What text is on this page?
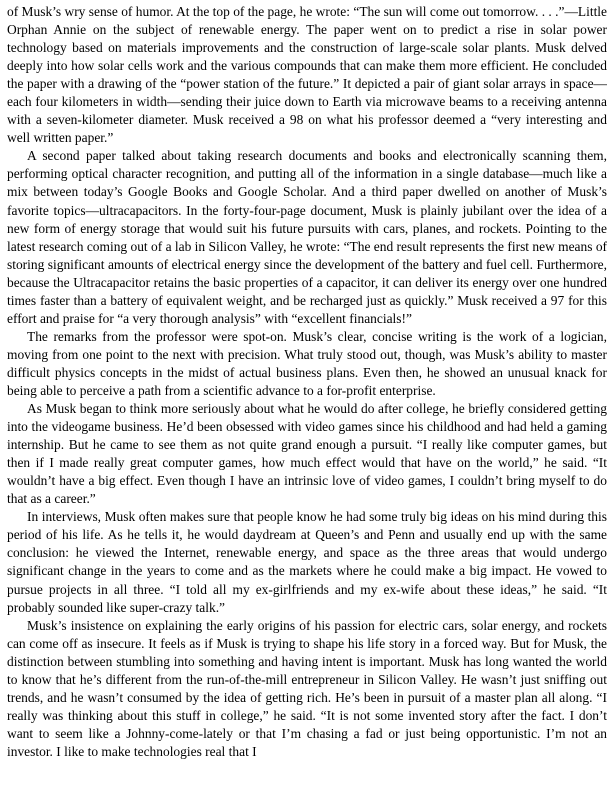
of Musk’s wry sense of humor. At the top of the page, he wrote: “The sun will come out tomorrow. . . .”—Little Orphan Annie on the subject of renewable energy. The paper went on to predict a rise in solar power technology based on materials improvements and the construction of large-scale solar plants. Musk delved deeply into how solar cells work and the various compounds that can make them more efficient. He concluded the paper with a drawing of the “power station of the future.” It depicted a pair of giant solar arrays in space—each four kilometers in width—sending their juice down to Earth via microwave beams to a receiving antenna with a seven-kilometer diameter. Musk received a 98 on what his professor deemed a “very interesting and well written paper.”

A second paper talked about taking research documents and books and electronically scanning them, performing optical character recognition, and putting all of the information in a single database—much like a mix between today’s Google Books and Google Scholar. And a third paper dwelled on another of Musk’s favorite topics—ultracapacitors. In the forty-four-page document, Musk is plainly jubilant over the idea of a new form of energy storage that would suit his future pursuits with cars, planes, and rockets. Pointing to the latest research coming out of a lab in Silicon Valley, he wrote: “The end result represents the first new means of storing significant amounts of electrical energy since the development of the battery and fuel cell. Furthermore, because the Ultracapacitor retains the basic properties of a capacitor, it can deliver its energy over one hundred times faster than a battery of equivalent weight, and be recharged just as quickly.” Musk received a 97 for this effort and praise for “a very thorough analysis” with “excellent financials!”

The remarks from the professor were spot-on. Musk’s clear, concise writing is the work of a logician, moving from one point to the next with precision. What truly stood out, though, was Musk’s ability to master difficult physics concepts in the midst of actual business plans. Even then, he showed an unusual knack for being able to perceive a path from a scientific advance to a for-profit enterprise.

As Musk began to think more seriously about what he would do after college, he briefly considered getting into the videogame business. He’d been obsessed with video games since his childhood and had held a gaming internship. But he came to see them as not quite grand enough a pursuit. “I really like computer games, but then if I made really great computer games, how much effect would that have on the world,” he said. “It wouldn’t have a big effect. Even though I have an intrinsic love of video games, I couldn’t bring myself to do that as a career.”

In interviews, Musk often makes sure that people know he had some truly big ideas on his mind during this period of his life. As he tells it, he would daydream at Queen’s and Penn and usually end up with the same conclusion: he viewed the Internet, renewable energy, and space as the three areas that would undergo significant change in the years to come and as the markets where he could make a big impact. He vowed to pursue projects in all three. “I told all my ex-girlfriends and my ex-wife about these ideas,” he said. “It probably sounded like super-crazy talk.”

Musk’s insistence on explaining the early origins of his passion for electric cars, solar energy, and rockets can come off as insecure. It feels as if Musk is trying to shape his life story in a forced way. But for Musk, the distinction between stumbling into something and having intent is important. Musk has long wanted the world to know that he’s different from the run-of-the-mill entrepreneur in Silicon Valley. He wasn’t just sniffing out trends, and he wasn’t consumed by the idea of getting rich. He’s been in pursuit of a master plan all along. “I really was thinking about this stuff in college,” he said. “It is not some invented story after the fact. I don’t want to seem like a Johnny-come-lately or that I’m chasing a fad or just being opportunistic. I’m not an investor. I like to make technologies real that I
